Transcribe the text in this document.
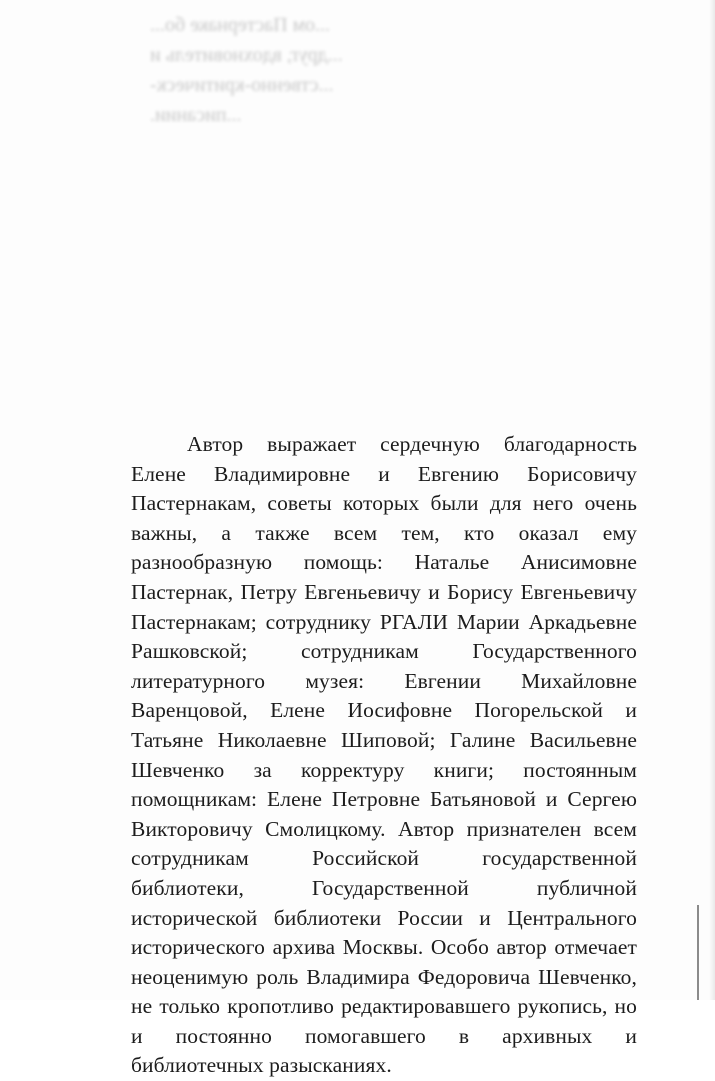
...ом Пастернаке бо...
...друг, вдохновитель и
...ственно-критическ-
...писании.

Автор выражает сердечную благодарность Елене Владимировне и Евгению Борисовичу Пастернакам, советы которых были для него очень важны, а также всем тем, кто оказал ему разнообразную помощь: Наталье Анисимовне Пастернак, Петру Евгеньевичу и Борису Евгеньевичу Пастернакам; сотруднику РГАЛИ Марии Аркадьевне Рашковской; сотрудникам Государственного литературного музея: Евгении Михайловне Варенцовой, Елене Иосифовне Погорельской и Татьяне Николаевне Шиповой; Галине Васильевне Шевченко за корректуру книги; постоянным помощникам: Елене Петровне Батьяновой и Сергею Викторовичу Смолицкому. Автор признателен всем сотрудникам Российской государственной библиотеки, Государственной публичной исторической библиотеки России и Центрального исторического архива Москвы. Особо автор отмечает неоценимую роль Владимира Федоровича Шевченко, не только кропотливо редактировавшего рукопись, но и постоянно помогавшего в архивных и библиотечных разысканиях.
